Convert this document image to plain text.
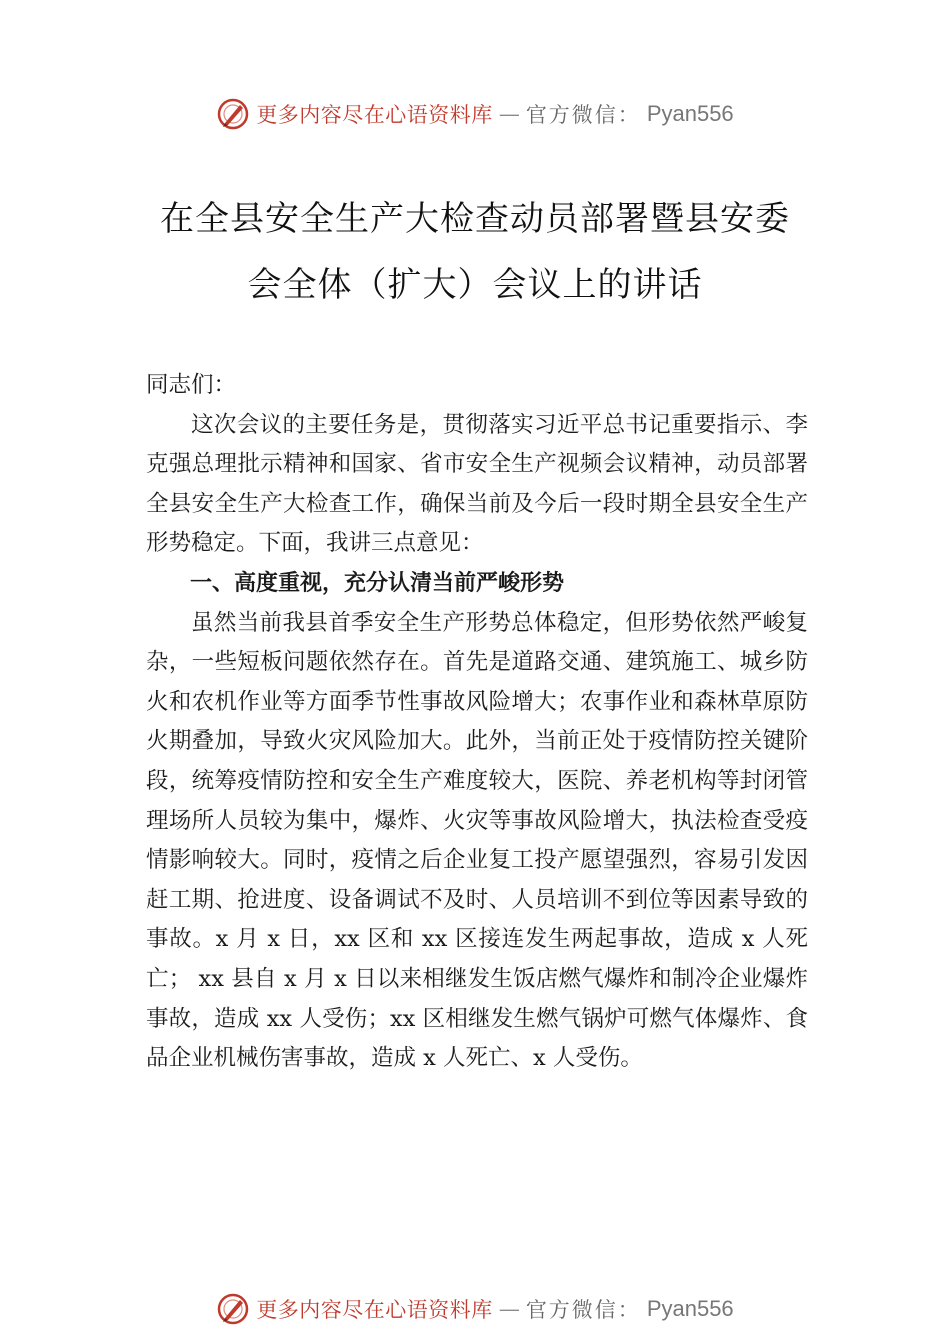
更多内容尽在心语资料库 — 官方微信： Pyan556
在全县安全生产大检查动员部署暨县安委
会全体（扩大）会议上的讲话

同志们：

这次会议的主要任务是，贯彻落实习近平总书记重要指示、李克强总理批示精神和国家、省市安全生产视频会议精神，动员部署全县安全生产大检查工作，确保当前及今后一段时期全县安全生产形势稳定。下面，我讲三点意见：

一、高度重视，充分认清当前严峻形势

虽然当前我县首季安全生产形势总体稳定，但形势依然严峻复杂，一些短板问题依然存在。首先是道路交通、建筑施工、城乡防火和农机作业等方面季节性事故风险增大；农事作业和森林草原防火期叠加，导致火灾风险加大。此外，当前正处于疫情防控关键阶段，统筹疫情防控和安全生产难度较大，医院、养老机构等封闭管理场所人员较为集中，爆炸、火灾等事故风险增大，执法检查受疫情影响较大。同时，疫情之后企业复工投产愿望强烈，容易引发因赶工期、抢进度、设备调试不及时、人员培训不到位等因素导致的事故。x 月 x 日，xx 区和 xx 区接连发生两起事故，造成 x 人死亡； xx 县自 x 月 x 日以来相继发生饭店燃气爆炸和制冷企业爆炸事故，造成 xx 人受伤；xx 区相继发生燃气锅炉可燃气体爆炸、食品企业机械伤害事故，造成 x 人死亡、x 人受伤。

更多内容尽在心语资料库 — 官方微信： Pyan556
